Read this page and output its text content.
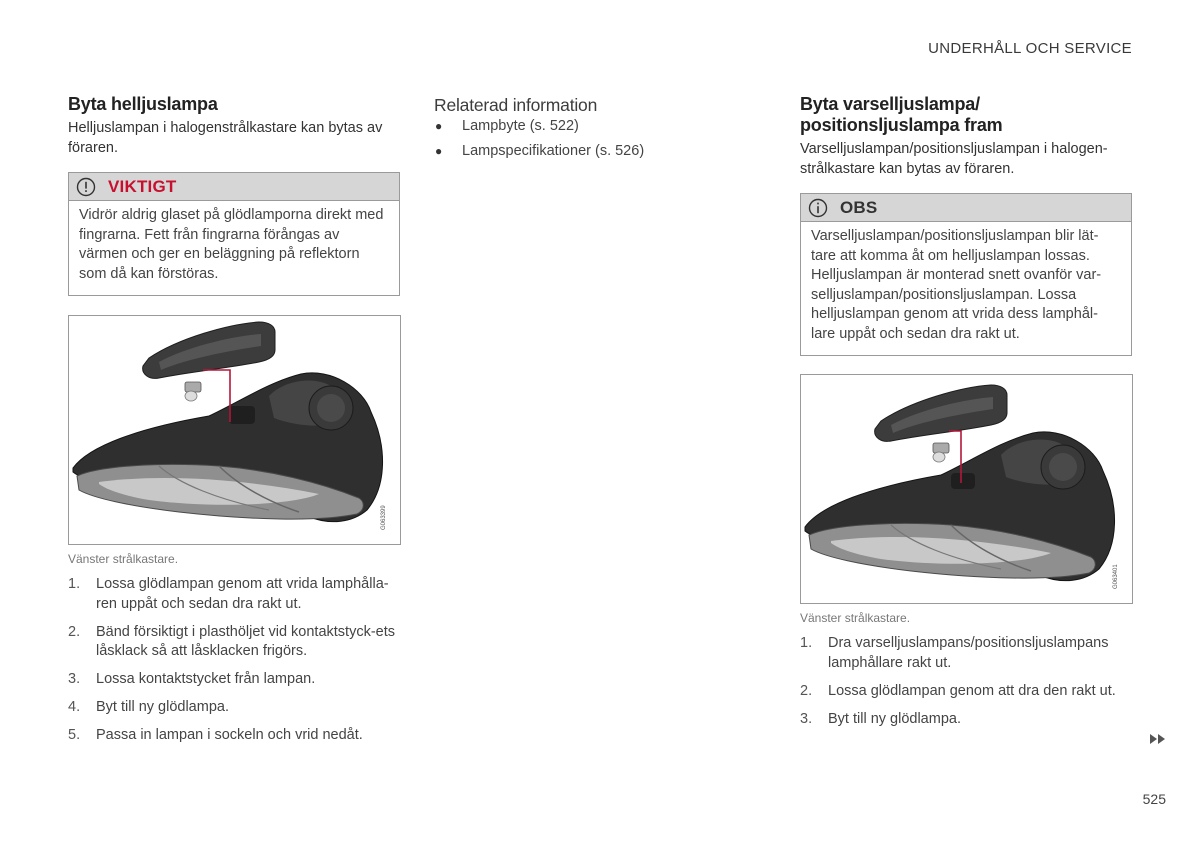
UNDERHÅLL OCH SERVICE
Byta helljuslampa

Helljuslampan i halogenstrålkastare kan bytas av föraren.

VIKTIGT
Vidrör aldrig glaset på glödlamporna direkt med fingrarna. Fett från fingrarna förångas av värmen och ger en beläggning på reflektorn som då kan förstöras.
G063399
Vänster strålkastare.
1.	Lossa glödlampan genom att vrida lamphålla-ren uppåt och sedan dra rakt ut.
2.	Bänd försiktigt i plasthöljet vid kontaktstyck-ets låsklack så att låsklacken frigörs.
3.	Lossa kontaktstycket från lampan.
4.	Byt till ny glödlampa.
5.	Passa in lampan i sockeln och vrid nedåt.
Relaterad information
●	Lampbyte (s. 522)
●	Lampspecifikationer (s. 526)
Byta varselljuslampa/
positionsljuslampa fram

Varselljuslampan/positionsljuslampan i halogen-strålkastare kan bytas av föraren.

OBS
Varselljuslampan/positionsljuslampan blir lät-tare att komma åt om helljuslampan lossas. Helljuslampan är monterad snett ovanför var-selljuslampan/positionsljuslampan. Lossa helljuslampan genom att vrida dess lamphål-lare uppåt och sedan dra rakt ut.
G063401
Vänster strålkastare.
1.	Dra varselljuslampans/positionsljuslampans lamphållare rakt ut.
2.	Lossa glödlampan genom att dra den rakt ut.
3.	Byt till ny glödlampa.
525
